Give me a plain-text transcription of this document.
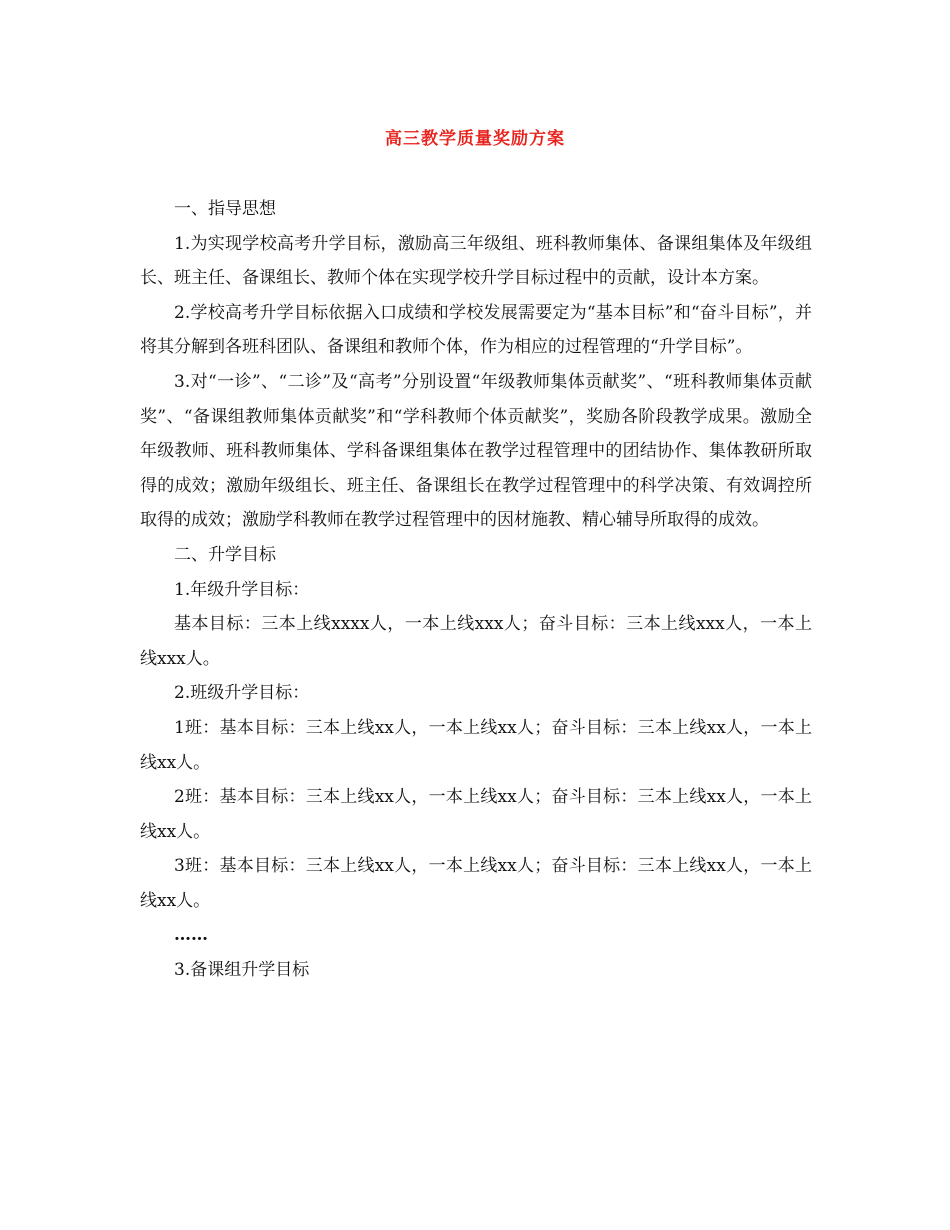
高三教学质量奖励方案

一、指导思想

1.为实现学校高考升学目标，激励高三年级组、班科教师集体、备课组集体及年级组长、班主任、备课组长、教师个体在实现学校升学目标过程中的贡献，设计本方案。

2.学校高考升学目标依据入口成绩和学校发展需要定为“基本目标”和“奋斗目标”，并将其分解到各班科团队、备课组和教师个体，作为相应的过程管理的“升学目标”。

3.对“一诊”、“二诊”及“高考”分别设置“年级教师集体贡献奖”、“班科教师集体贡献奖”、“备课组教师集体贡献奖”和“学科教师个体贡献奖”，奖励各阶段教学成果。激励全年级教师、班科教师集体、学科备课组集体在教学过程管理中的团结协作、集体教研所取得的成效；激励年级组长、班主任、备课组长在教学过程管理中的科学决策、有效调控所取得的成效；激励学科教师在教学过程管理中的因材施教、精心辅导所取得的成效。

二、升学目标

1.年级升学目标：

基本目标：三本上线xxxx人，一本上线xxx人；奋斗目标：三本上线xxx人，一本上线xxx人。

2.班级升学目标：

1班：基本目标：三本上线xx人，一本上线xx人；奋斗目标：三本上线xx人，一本上线xx人。

2班：基本目标：三本上线xx人，一本上线xx人；奋斗目标：三本上线xx人，一本上线xx人。

3班：基本目标：三本上线xx人，一本上线xx人；奋斗目标：三本上线xx人，一本上线xx人。

……

3.备课组升学目标
